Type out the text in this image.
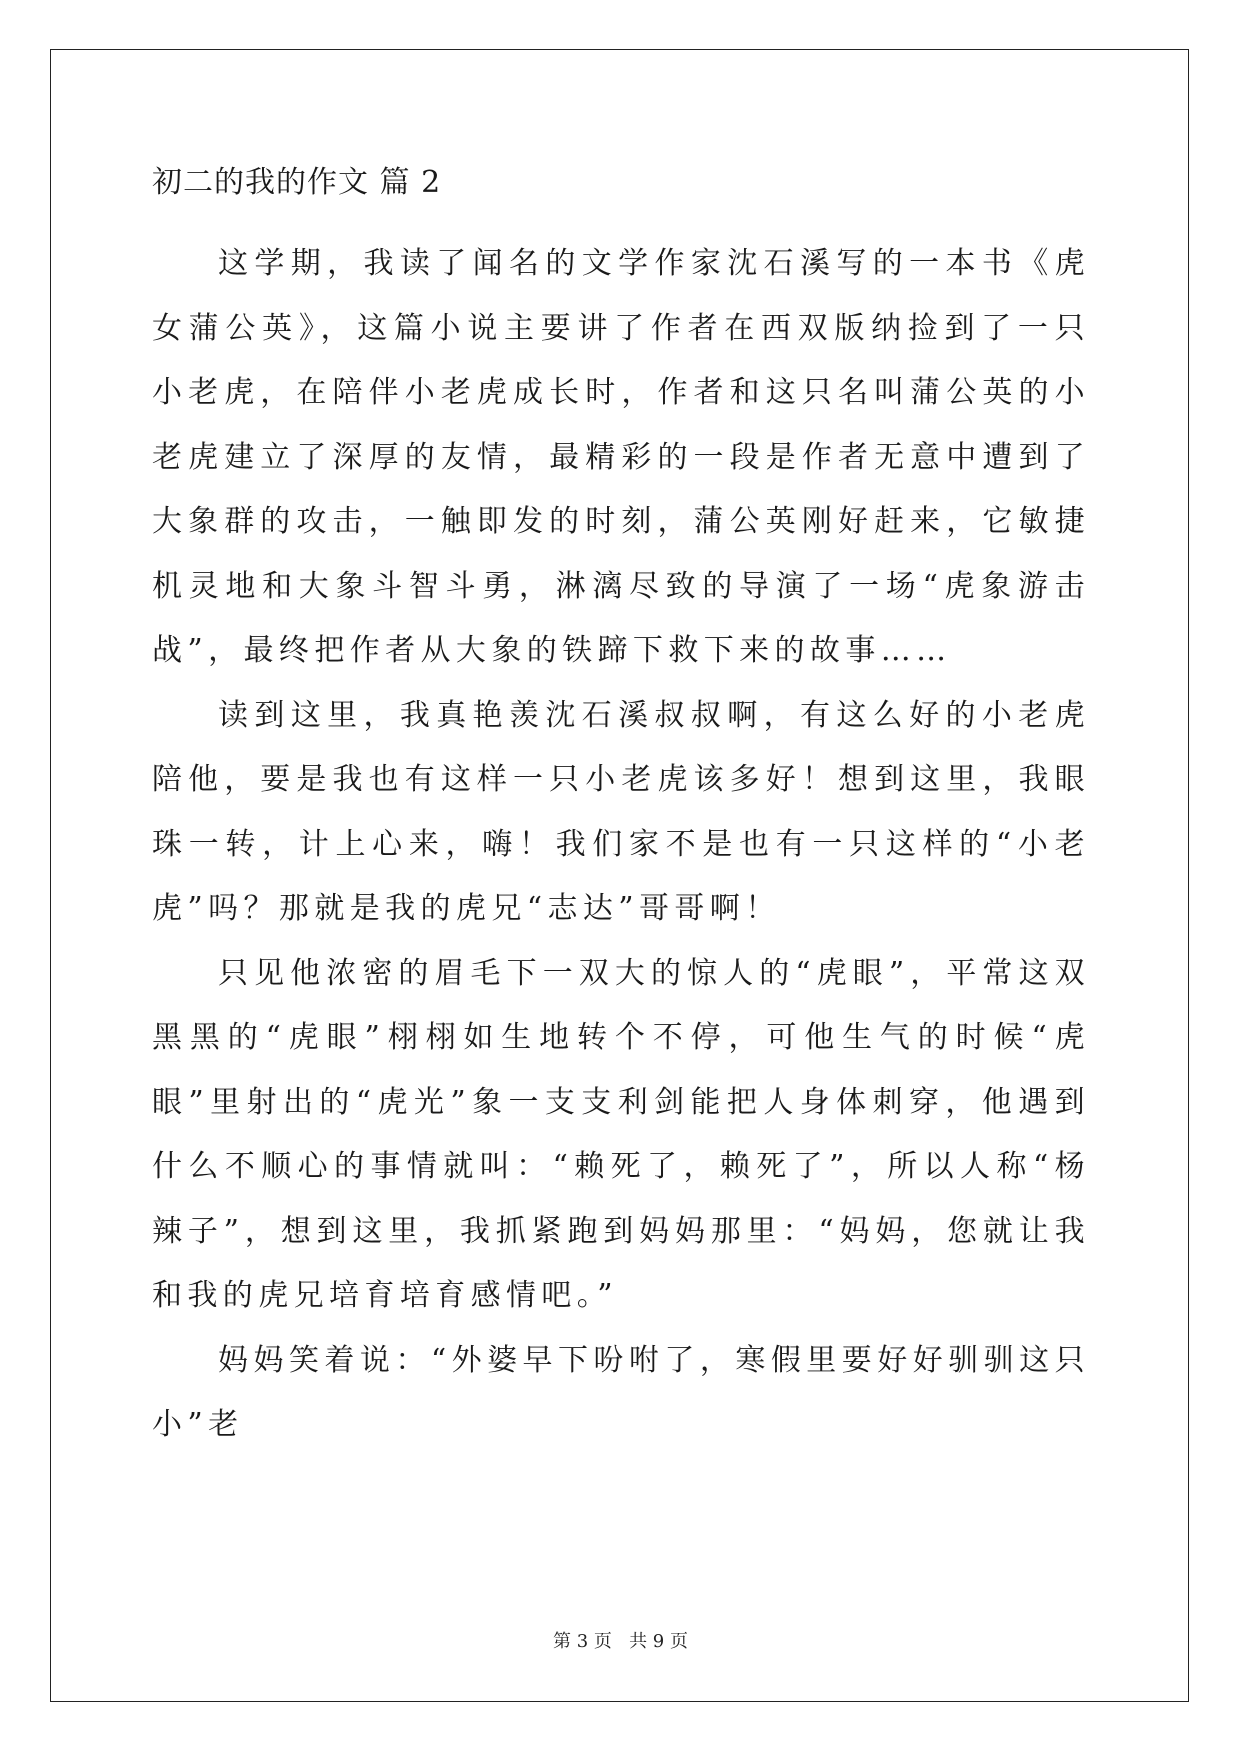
初二的我的作文 篇 2

这学期，我读了闻名的文学作家沈石溪写的一本书《虎女蒲公英》，这篇小说主要讲了作者在西双版纳捡到了一只小老虎，在陪伴小老虎成长时，作者和这只名叫蒲公英的小老虎建立了深厚的友情，最精彩的一段是作者无意中遭到了大象群的攻击，一触即发的时刻，蒲公英刚好赶来，它敏捷机灵地和大象斗智斗勇，淋漓尽致的导演了一场“虎象游击战”，最终把作者从大象的铁蹄下救下来的故事……

读到这里，我真艳羡沈石溪叔叔啊，有这么好的小老虎陪他，要是我也有这样一只小老虎该多好！想到这里，我眼珠一转，计上心来，嗨！我们家不是也有一只这样的“小老虎”吗？那就是我的虎兄“志达”哥哥啊！

只见他浓密的眉毛下一双大的惊人的“虎眼”，平常这双黑黑的“虎眼”栩栩如生地转个不停，可他生气的时候“虎眼”里射出的“虎光”象一支支利剑能把人身体刺穿，他遇到什么不顺心的事情就叫：“赖死了，赖死了”，所以人称“杨辣子”，想到这里，我抓紧跑到妈妈那里：“妈妈，您就让我和我的虎兄培育培育感情吧。”

妈妈笑着说：“外婆早下吩咐了，寒假里要好好驯驯这只小”老

第 3 页   共 9 页
